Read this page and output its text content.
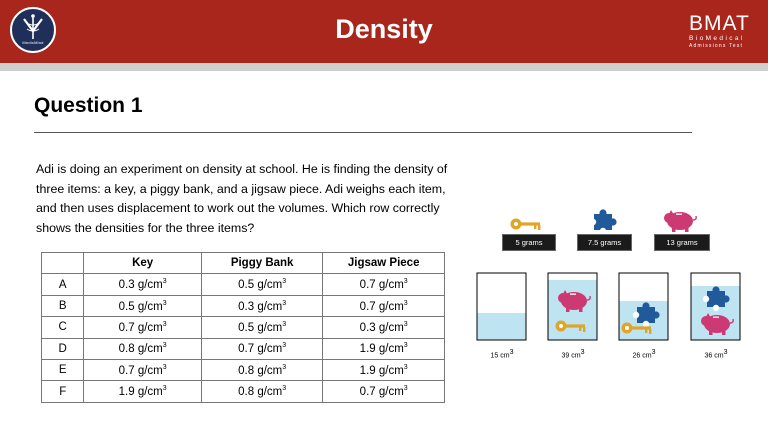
MedicMind	Density	BMAT
BioMedical
Admissions Test
Question 1
Adi is doing an experiment on density at school. He is finding the density of three items: a key, a piggy bank, and a jigsaw piece. Adi weighs each item, and then uses displacement to work out the volumes. Which row correctly shows the densities for the three items?
	Key	Piggy Bank	Jigsaw Piece
A	0.3 $g/cm^3$	0.5 $g/cm^3$	0.7 $g/cm^3$
B	0.5 $g/cm^3$	0.3 $g/cm^3$	0.7 $g/cm^3$
C	0.7 $g/cm^3$	0.5 $g/cm^3$	0.3 $g/cm^3$
D	0.8 $g/cm^3$	0.7 $g/cm^3$	1.9 $g/cm^3$
E	0.7 $g/cm^3$	0.8 $g/cm^3$	1.9 $g/cm^3$
F	1.9 $g/cm^3$	0.8 $g/cm^3$	0.7 $g/cm^3$
5 grams	7.5 grams	13 grams
15 $cm^3$	39 $cm^3$	26 $cm^3$	36 $cm^3$
